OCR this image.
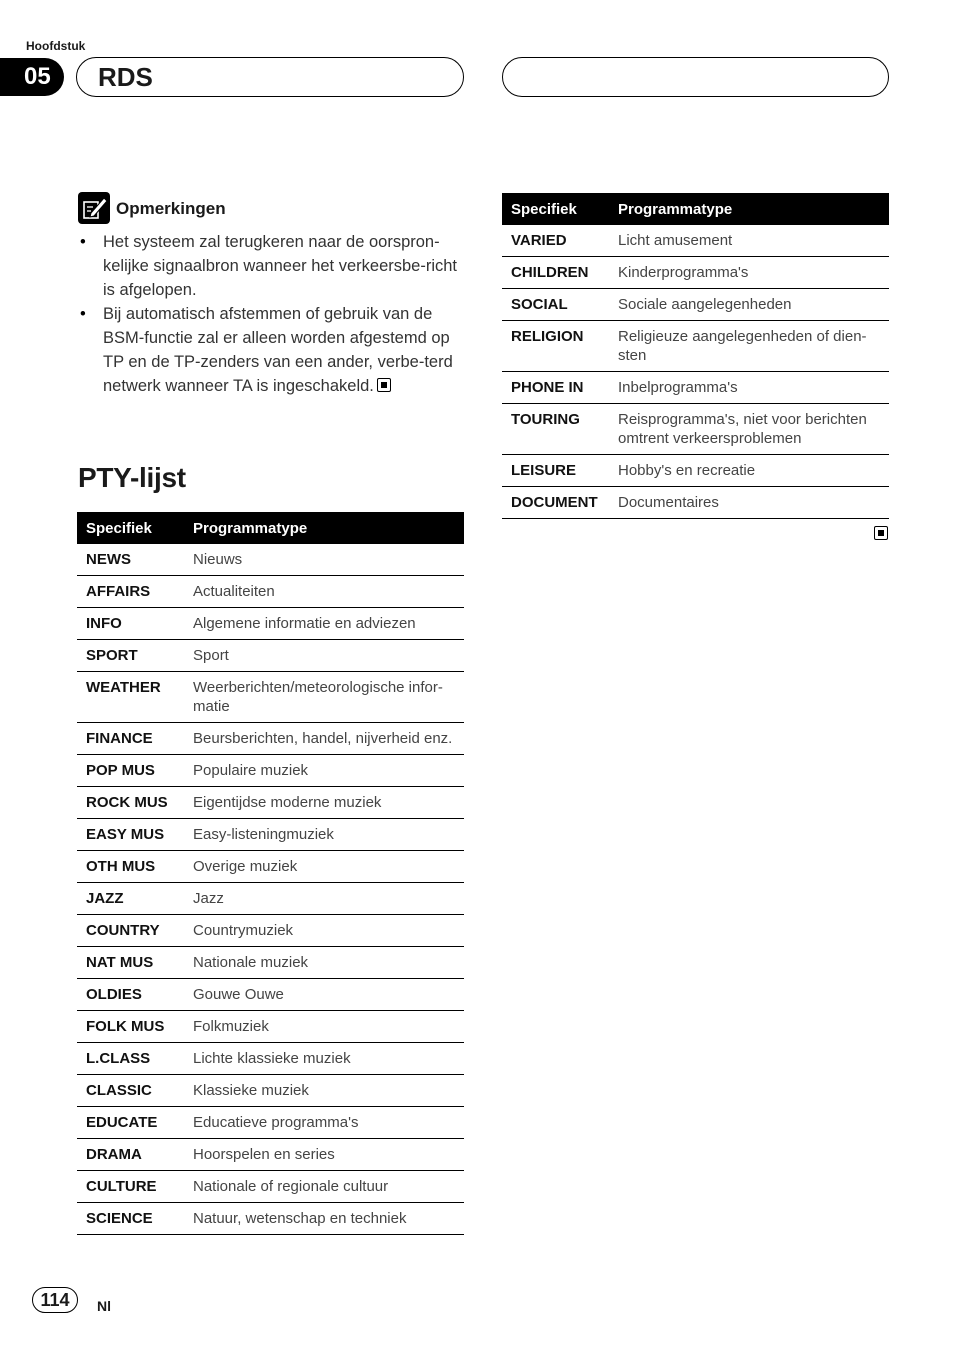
Hoofdstuk
05	RDS
Opmerkingen
• Het systeem zal terugkeren naar de oorspron-kelijke signaalbron wanneer het verkeersbe-richt is afgelopen.
• Bij automatisch afstemmen of gebruik van de BSM-functie zal er alleen worden afgestemd op TP en de TP-zenders van een ander, verbe-terd netwerk wanneer TA is ingeschakeld.
PTY-lijst
Specifiek	Programmatype
NEWS	Nieuws
AFFAIRS	Actualiteiten
INFO	Algemene informatie en adviezen
SPORT	Sport
WEATHER	Weerberichten/meteorologische infor-matie
FINANCE	Beursberichten, handel, nijverheid enz.
POP MUS	Populaire muziek
ROCK MUS	Eigentijdse moderne muziek
EASY MUS	Easy-listeningmuziek
OTH MUS	Overige muziek
JAZZ	Jazz
COUNTRY	Countrymuziek
NAT MUS	Nationale muziek
OLDIES	Gouwe Ouwe
FOLK MUS	Folkmuziek
L.CLASS	Lichte klassieke muziek
CLASSIC	Klassieke muziek
EDUCATE	Educatieve programma's
DRAMA	Hoorspelen en series
CULTURE	Nationale of regionale cultuur
SCIENCE	Natuur, wetenschap en techniek
Specifiek	Programmatype
VARIED	Licht amusement
CHILDREN	Kinderprogramma's
SOCIAL	Sociale aangelegenheden
RELIGION	Religieuze aangelegenheden of dien-sten
PHONE IN	Inbelprogramma's
TOURING	Reisprogramma's, niet voor berichten omtrent verkeersproblemen
LEISURE	Hobby's en recreatie
DOCUMENT	Documentaires
114	Nl
